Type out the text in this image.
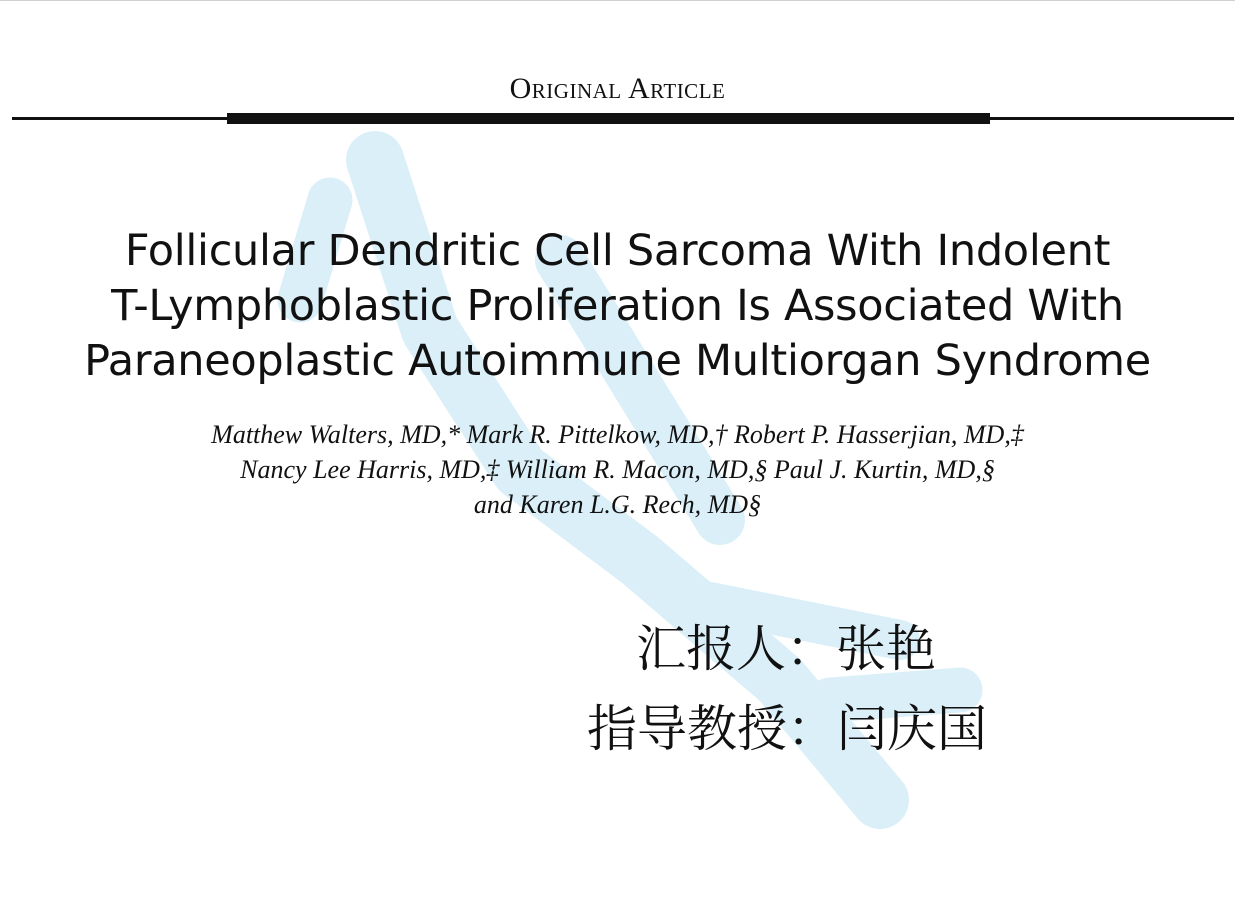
Original Article
Follicular Dendritic Cell Sarcoma With Indolent
T-Lymphoblastic Proliferation Is Associated With
Paraneoplastic Autoimmune Multiorgan Syndrome
Matthew Walters, MD,* Mark R. Pittelkow, MD,† Robert P. Hasserjian, MD,‡
Nancy Lee Harris, MD,‡ William R. Macon, MD,§ Paul J. Kurtin, MD,§
and Karen L.G. Rech, MD§
汇报人：张艳
指导教授：闫庆国
